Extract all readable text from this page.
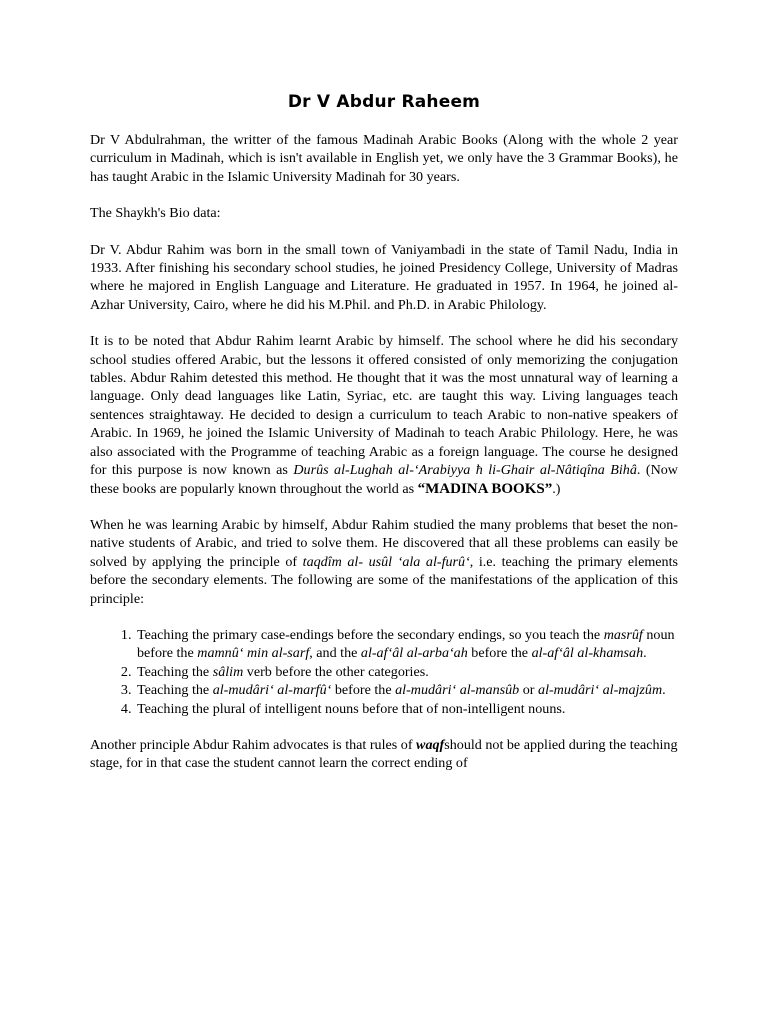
Dr V Abdur Raheem

Dr V Abdulrahman, the writter of the famous Madinah Arabic Books (Along with the whole 2 year curriculum in Madinah, which is isn't available in English yet, we only have the 3 Grammar Books), he has taught Arabic in the Islamic University Madinah for 30 years.

The Shaykh's Bio data:

Dr V. Abdur Rahim was born in the small town of Vaniyambadi in the state of Tamil Nadu, India in 1933. After finishing his secondary school studies, he joined Presidency College, University of Madras where he majored in English Language and Literature. He graduated in 1957. In 1964, he joined al-Azhar University, Cairo, where he did his M.Phil. and Ph.D. in Arabic Philology.

It is to be noted that Abdur Rahim learnt Arabic by himself. The school where he did his secondary school studies offered Arabic, but the lessons it offered consisted of only memorizing the conjugation tables. Abdur Rahim detested this method. He thought that it was the most unnatural way of learning a language. Only dead languages like Latin, Syriac, etc. are taught this way. Living languages teach sentences straightaway. He decided to design a curriculum to teach Arabic to non-native speakers of Arabic. In 1969, he joined the Islamic University of Madinah to teach Arabic Philology. Here, he was also associated with the Programme of teaching Arabic as a foreign language. The course he designed for this purpose is now known as Durûs al-Lughah al-‘Arabiyya ħ li-Ghair al-Nâtiqîna Bihâ. (Now these books are popularly known throughout the world as “MADINA BOOKS”.)

When he was learning Arabic by himself, Abdur Rahim studied the many problems that beset the non-native students of Arabic, and tried to solve them. He discovered that all these problems can easily be solved by applying the principle of taqdîm al- usûl ‘ala al-furû‘, i.e. teaching the primary elements before the secondary elements. The following are some of the manifestations of the application of this principle:

1. Teaching the primary case-endings before the secondary endings, so you teach the masrûf noun before the mamnû‘ min al-sarf, and the al-af‘âl al-arba‘ah before the al-af‘âl al-khamsah.
2. Teaching the sâlim verb before the other categories.
3. Teaching the al-mudâri‘ al-marfû‘ before the al-mudâri‘ al-mansûb or al-mudâri‘ al-majzûm.
4. Teaching the plural of intelligent nouns before that of non-intelligent nouns.

Another principle Abdur Rahim advocates is that rules of waqfshould not be applied during the teaching stage, for in that case the student cannot learn the correct ending of
